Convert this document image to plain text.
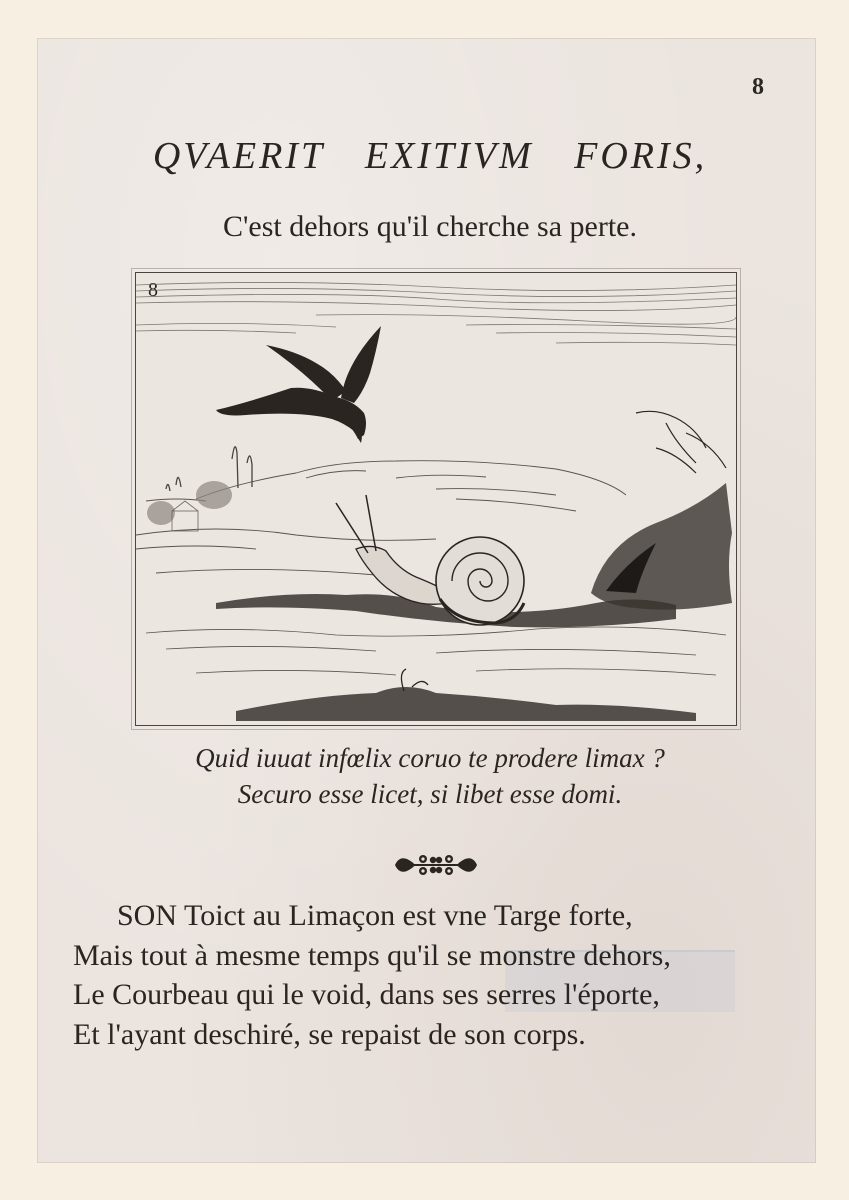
8
QVAERIT EXITIVM FORIS,
C'est dehors qu'il cherche sa perte.
8
Quid iuuat infœlix coruo te prodere limax ?
Securo esse licet, si libet esse domi.
SON Toict au Limaçon est vne Targe forte,
Mais tout à mesme temps qu'il se monstre dehors,
Le Courbeau qui le void, dans ses serres l'éporte,
Et l'ayant deschiré, se repaist de son corps.
